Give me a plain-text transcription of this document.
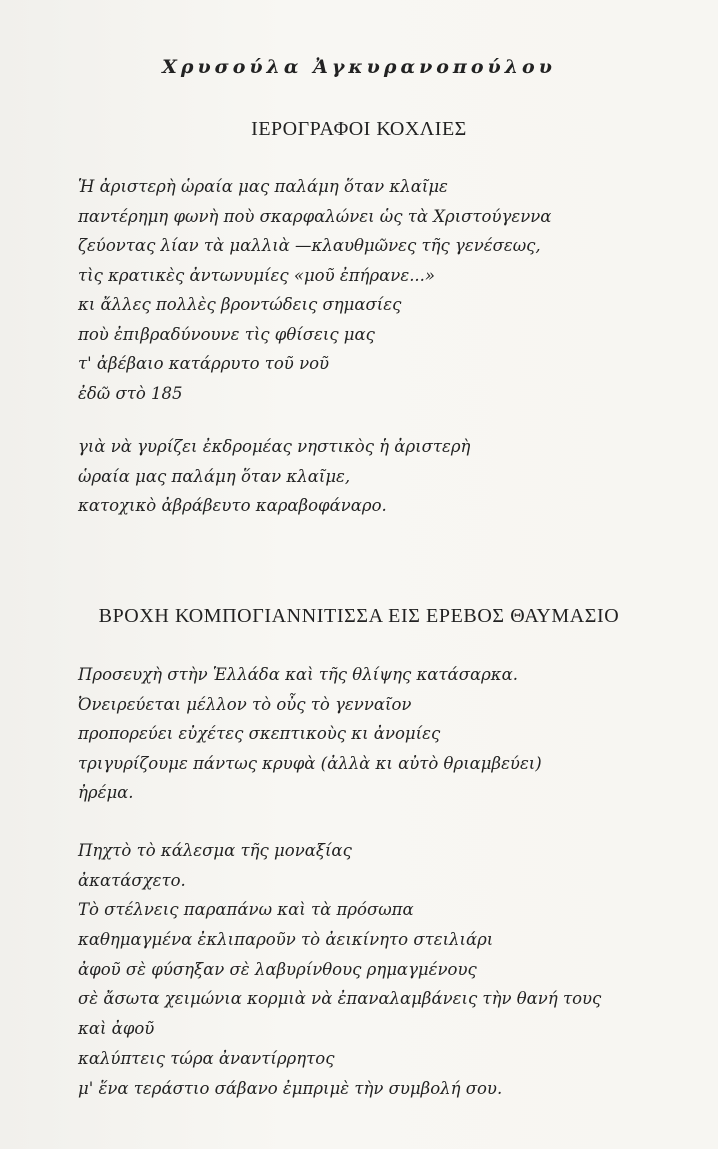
Χρυσούλα Ἀγκυρανοπούλου
ΙΕΡΟΓΡΑΦΟΙ ΚΟΧΛΙΕΣ
Ἡ ἀριστερὴ ὡραία μας παλάμη ὅταν κλαῖμε
παντέρημη φωνὴ ποὺ σκαρφαλώνει ὡς τὰ Χριστούγεννα
ζεύοντας λίαν τὰ μαλλιὰ —κλαυθμῶνες τῆς γενέσεως,
τὶς κρατικὲς ἀντωνυμίες «μοῦ ἐπήρανε...»
κι ἄλλες πολλὲς βροντώδεις σημασίες
ποὺ ἐπιβραδύνουνε τὶς φθίσεις μας
τ' ἀβέβαιο κατάρρυτο τοῦ νοῦ
ἐδῶ στὸ 185
γιὰ νὰ γυρίζει ἐκδρομέας νηστικὸς ἡ ἀριστερὴ
ὡραία μας παλάμη ὅταν κλαῖμε,
κατοχικὸ ἀβράβευτο καραβοφάναρο.
ΒΡΟΧΗ ΚΟΜΠΟΓΙΑΝΝΙΤΙΣΣΑ ΕΙΣ ΕΡΕΒΟΣ ΘΑΥΜΑΣΙΟ
Προσευχὴ στὴν Ἑλλάδα καὶ τῆς θλίψης κατάσαρκα.
Ὀνειρεύεται μέλλον τὸ οὖς τὸ γενναῖον
προπορεύει εὐχέτες σκεπτικοὺς κι ἀνομίες
τριγυρίζουμε πάντως κρυφὰ (ἀλλὰ κι αὐτὸ θριαμβεύει)
ἠρέμα.
Πηχτὸ τὸ κάλεσμα τῆς μοναξίας
ἀκατάσχετο.
Τὸ στέλνεις παραπάνω καὶ τὰ πρόσωπα
καθημαγμένα ἐκλιπαροῦν τὸ ἀεικίνητο στειλιάρι
ἀφοῦ σὲ φύσηξαν σὲ λαβυρίνθους ρημαγμένους
σὲ ἄσωτα χειμώνια κορμιὰ νὰ ἐπαναλαμβάνεις τὴν θανή τους
καὶ ἀφοῦ
καλύπτεις τώρα ἀναντίρρητος
μ' ἕνα τεράστιο σάβανο ἐμπριμὲ τὴν συμβολή σου.
